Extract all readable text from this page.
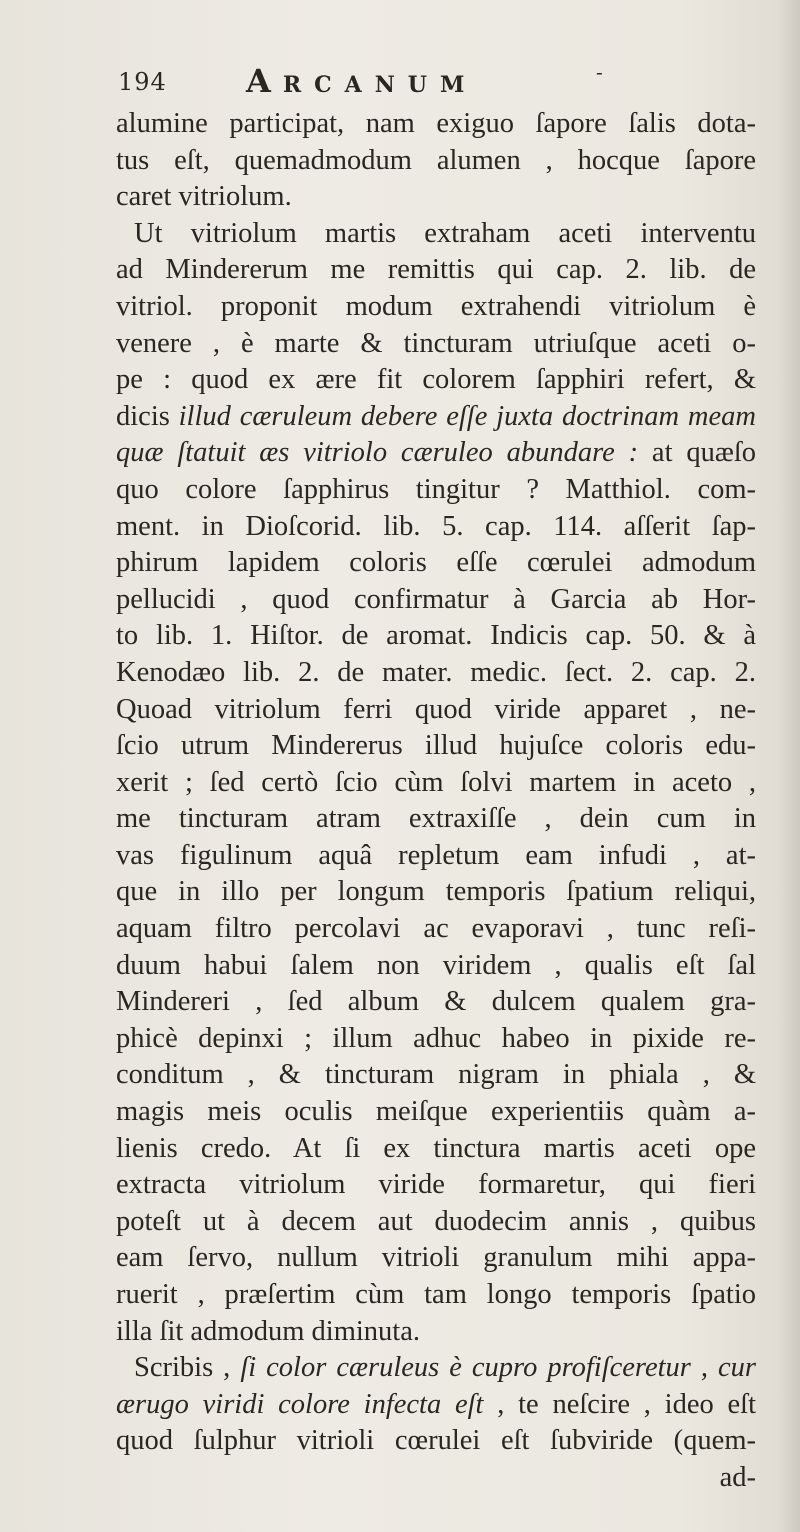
194 ARCANUM	-
alumine participat, nam exiguo ſapore ſalis dota-
tus eſt, quemadmodum alumen , hocque ſapore
caret vitriolum.
Ut vitriolum martis extraham aceti interventu
ad Mindererum me remittis qui cap. 2. lib. de
vitriol. proponit modum extrahendi vitriolum è
venere , è marte & tincturam utriuſque aceti o-
pe : quod ex ære fit colorem ſapphiri refert, &
dicis illud cæruleum debere eſſe juxta doctrinam meam
quæ ſtatuit æs vitriolo cæruleo abundare : at quæſo
quo colore ſapphirus tingitur ? Matthiol. com-
ment. in Dioſcorid. lib. 5. cap. 114. aſſerit ſap-
phirum lapidem coloris eſſe cœrulei admodum
pellucidi , quod confirmatur à Garcia ab Hor-
to lib. 1. Hiſtor. de aromat. Indicis cap. 50. & à
Kenodæo lib. 2. de mater. medic. ſect. 2. cap. 2.
Quoad vitriolum ferri quod viride apparet , ne-
ſcio utrum Mindererus illud hujuſce coloris edu-
xerit ; ſed certò ſcio cùm ſolvi martem in aceto ,
me tincturam atram extraxiſſe , dein cum in
vas figulinum aquâ repletum eam infudi , at-
que in illo per longum temporis ſpatium reliqui,
aquam filtro percolavi ac evaporavi , tunc reſi-
duum habui ſalem non viridem , qualis eſt ſal
Mindereri , ſed album & dulcem qualem gra-
phicè depinxi ; illum adhuc habeo in pixide re-
conditum , & tincturam nigram in phiala , &
magis meis oculis meiſque experientiis quàm a-
lienis credo. At ſi ex tinctura martis aceti ope
extracta vitriolum viride formaretur, qui fieri
poteſt ut à decem aut duodecim annis , quibus
eam ſervo, nullum vitrioli granulum mihi appa-
ruerit , præſertim cùm tam longo temporis ſpatio
illa ſit admodum diminuta.
Scribis , ſi color cæruleus è cupro profiſceretur , cur
ærugo viridi colore infecta eſt , te neſcire , ideo eſt
quod ſulphur vitrioli cœrulei eſt ſubviride (quem-
ad-
